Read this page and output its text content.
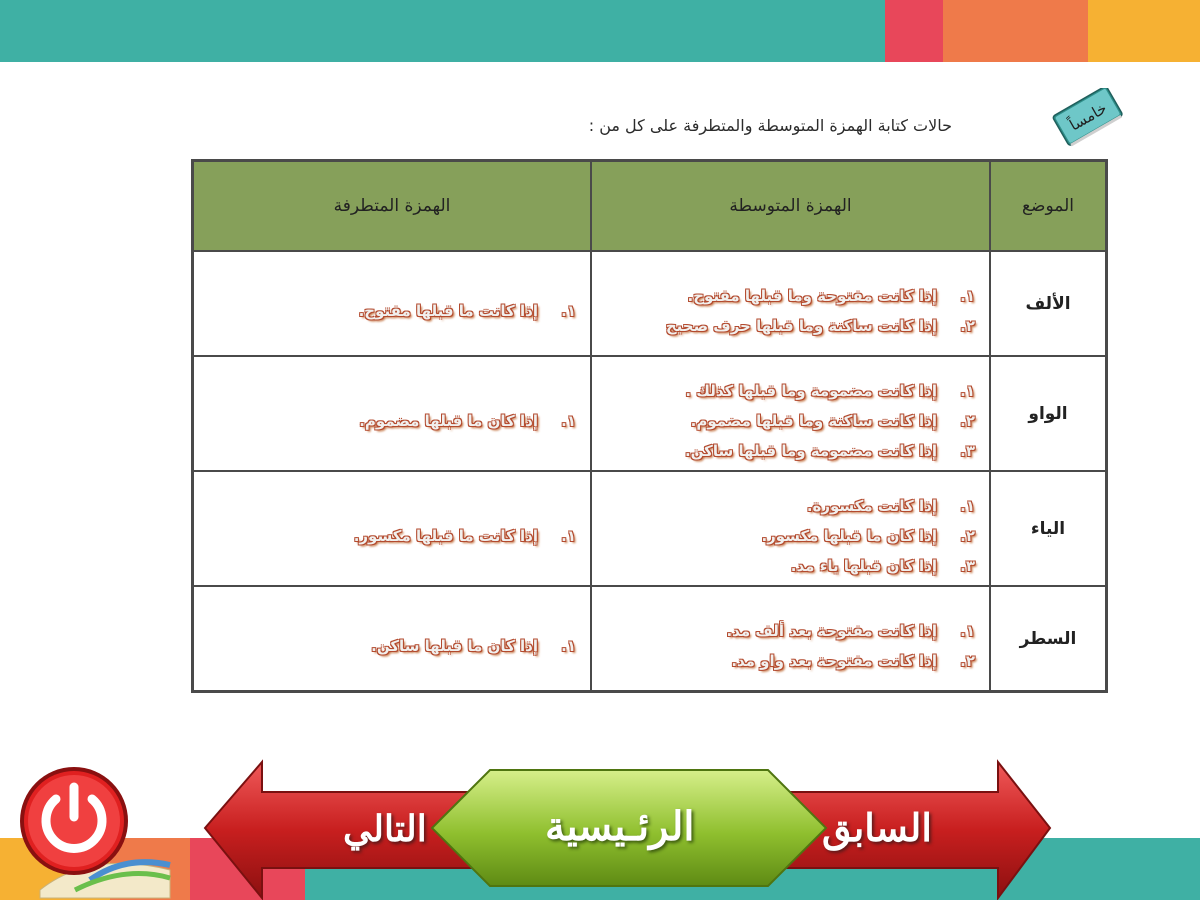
خامساً
حالات كتابة الهمزة المتوسطة والمتطرفة على كل من :
الهمزة المتطرفة	الهمزة المتوسطة	الموضع
١.
إذا كانت ما قبلها مفتوح.
١.
إذا كانت مفتوحة وما قبلها مفتوح.
٢.
إذا كانت ساكنة وما قبلها حرف صحيح
الألف
١.
إذا كان ما قبلها مضموم.
١.
إذا كانت مضمومة وما قبلها كذلك .
٢.
إذا كانت ساكنة وما قبلها مضموم.
٣.
إذا كانت مضمومة وما قبلها ساكن.
الواو
١.
إذا كانت ما قبلها مكسور.
١.
إذا كانت مكسورة.
٢.
إذا كان ما قبلها مكسور.
٣.
إذا كان قبلها ياء مد.
الياء
١.
إذا كان ما قبلها ساكن.
١.
إذا كانت مفتوحة بعد ألف مد.
٢.
إذا كانت مفتوحة بعد واو مد.
السطر
السابق
الرئـيسية
التالي
